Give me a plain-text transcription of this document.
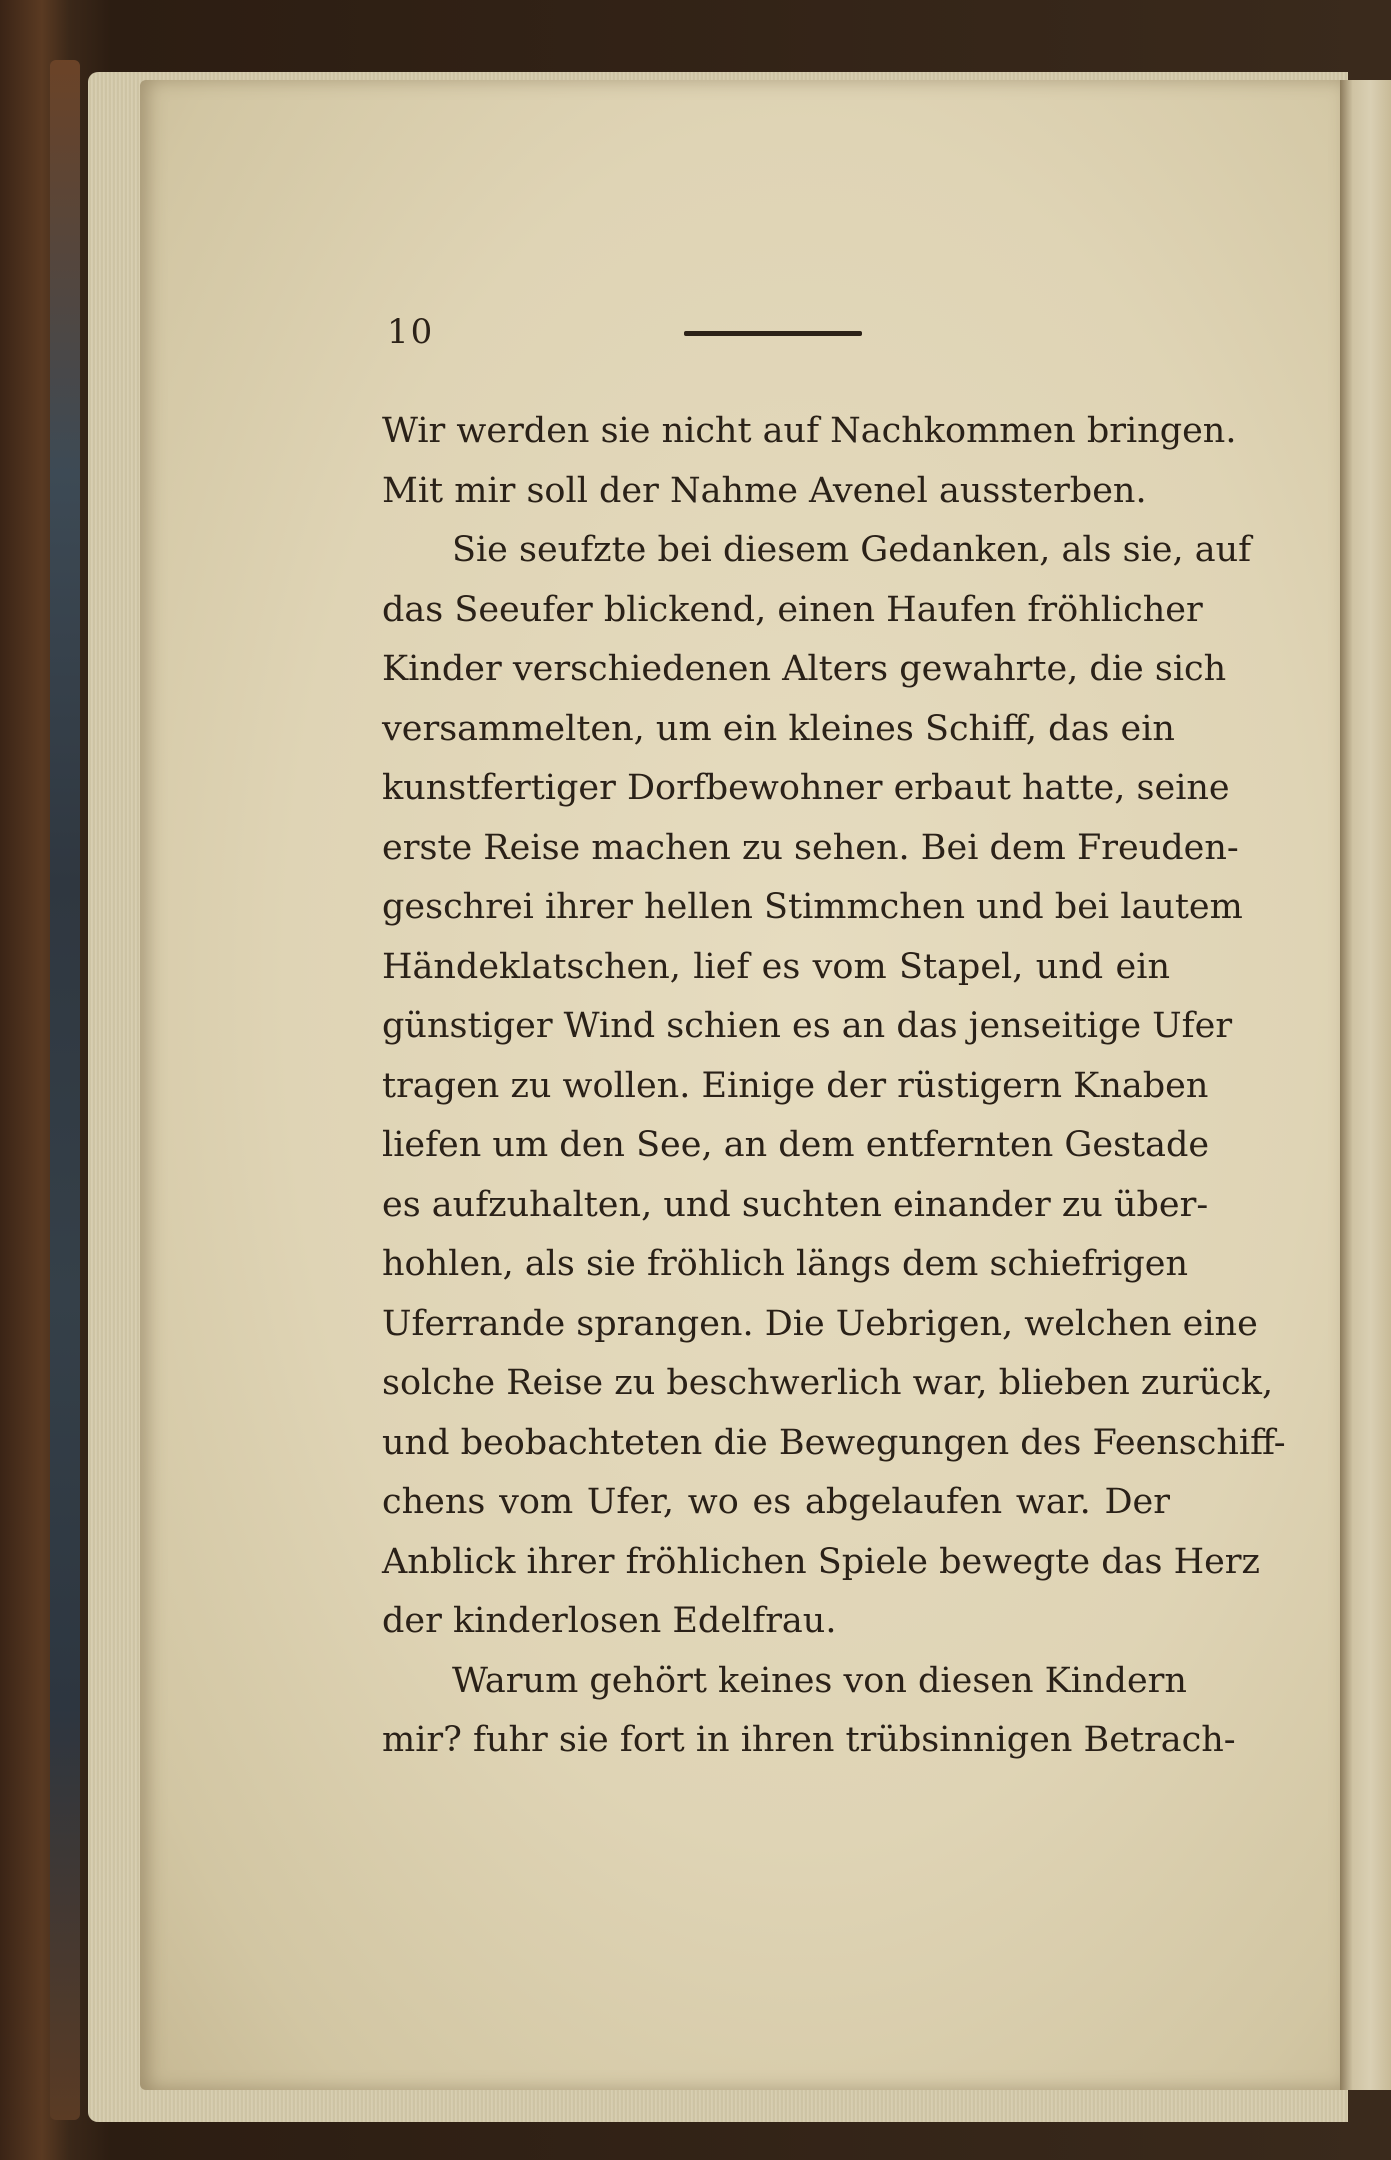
10
Wir werden sie nicht auf Nachkommen bringen.
Mit mir soll der Nahme Avenel aussterben.
Sie seufzte bei diesem Gedanken, als sie, auf
das Seeufer blickend, einen Haufen fröhlicher
Kinder verschiedenen Alters gewahrte, die sich
versammelten, um ein kleines Schiff, das ein
kunstfertiger Dorfbewohner erbaut hatte, seine
erste Reise machen zu sehen. Bei dem Freuden-
geschrei ihrer hellen Stimmchen und bei lautem
Händeklatschen, lief es vom Stapel, und ein
günstiger Wind schien es an das jenseitige Ufer
tragen zu wollen. Einige der rüstigern Knaben
liefen um den See, an dem entfernten Gestade
es aufzuhalten, und suchten einander zu über-
hohlen, als sie fröhlich längs dem schiefrigen
Uferrande sprangen. Die Uebrigen, welchen eine
solche Reise zu beschwerlich war, blieben zurück,
und beobachteten die Bewegungen des Feenschiff-
chens vom Ufer, wo es abgelaufen war. Der
Anblick ihrer fröhlichen Spiele bewegte das Herz
der kinderlosen Edelfrau.
Warum gehört keines von diesen Kindern
mir? fuhr sie fort in ihren trübsinnigen Betrach-
